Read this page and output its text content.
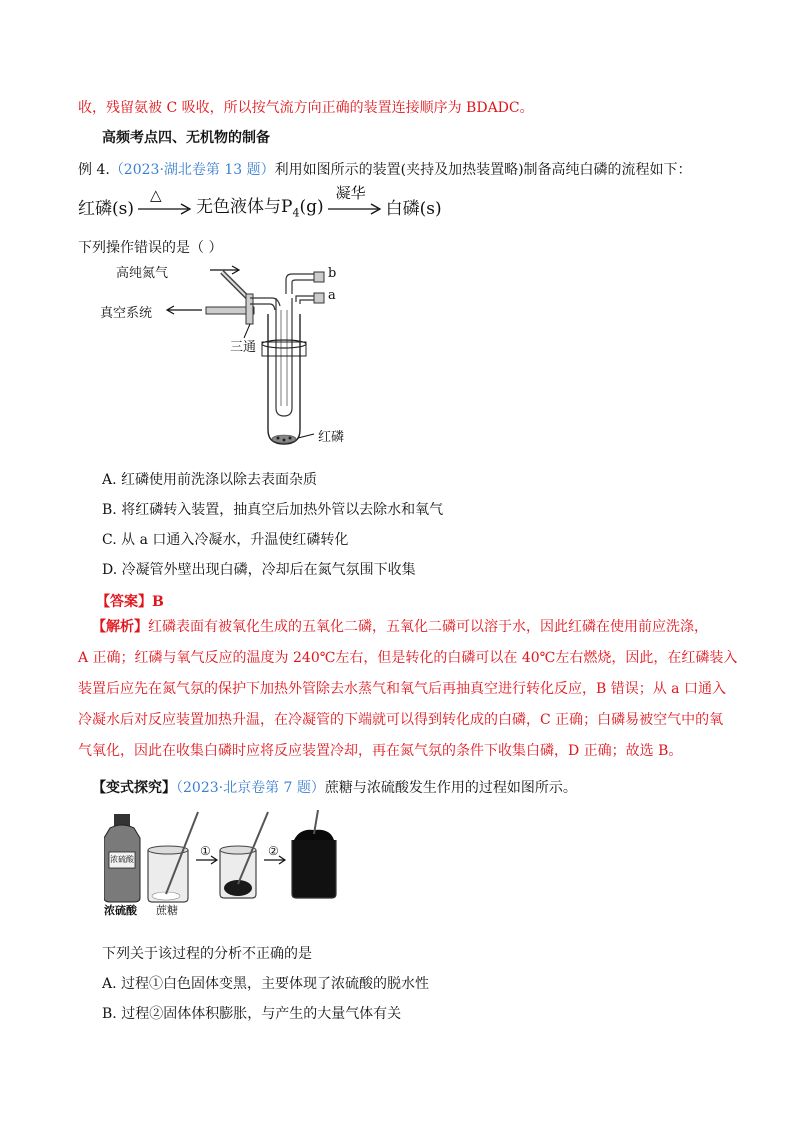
收，残留氨被 C 吸收，所以按气流方向正确的装置连接顺序为 BDADC。
高频考点四、无机物的制备
例 4.（2023·湖北卷第 13 题）利用如图所示的装置(夹持及加热装置略)制备高纯白磷的流程如下：
红磷(s)
△
无色液体与$P_4(g)$
凝华
白磷(s)
下列操作错误的是（ ）
高纯氮气
真空系统
三通
b
a
红磷
A. 红磷使用前洗涤以除去表面杂质
B. 将红磷转入装置，抽真空后加热外管以去除水和氧气
C. 从 a 口通入冷凝水，升温使红磷转化
D. 冷凝管外壁出现白磷，冷却后在氮气氛围下收集
【答案】B
【解析】红磷表面有被氧化生成的五氧化二磷，五氧化二磷可以溶于水，因此红磷在使用前应洗涤，
A 正确；红磷与氧气反应的温度为 240℃左右，但是转化的白磷可以在 40℃左右燃烧，因此，在红磷装入
装置后应先在氮气氛的保护下加热外管除去水蒸气和氧气后再抽真空进行转化反应，B 错误；从 a 口通入
冷凝水后对反应装置加热升温，在冷凝管的下端就可以得到转化成的白磷，C 正确；白磷易被空气中的氧
气氧化，因此在收集白磷时应将反应装置冷却，再在氮气氛的条件下收集白磷，D 正确；故选 B。
【变式探究】（2023·北京卷第 7 题）蔗糖与浓硫酸发生作用的过程如图所示。
浓硫酸
浓硫酸 蔗糖
①	②
下列关于该过程的分析不正确的是
A. 过程①白色固体变黑，主要体现了浓硫酸的脱水性
B. 过程②固体体积膨胀，与产生的大量气体有关
